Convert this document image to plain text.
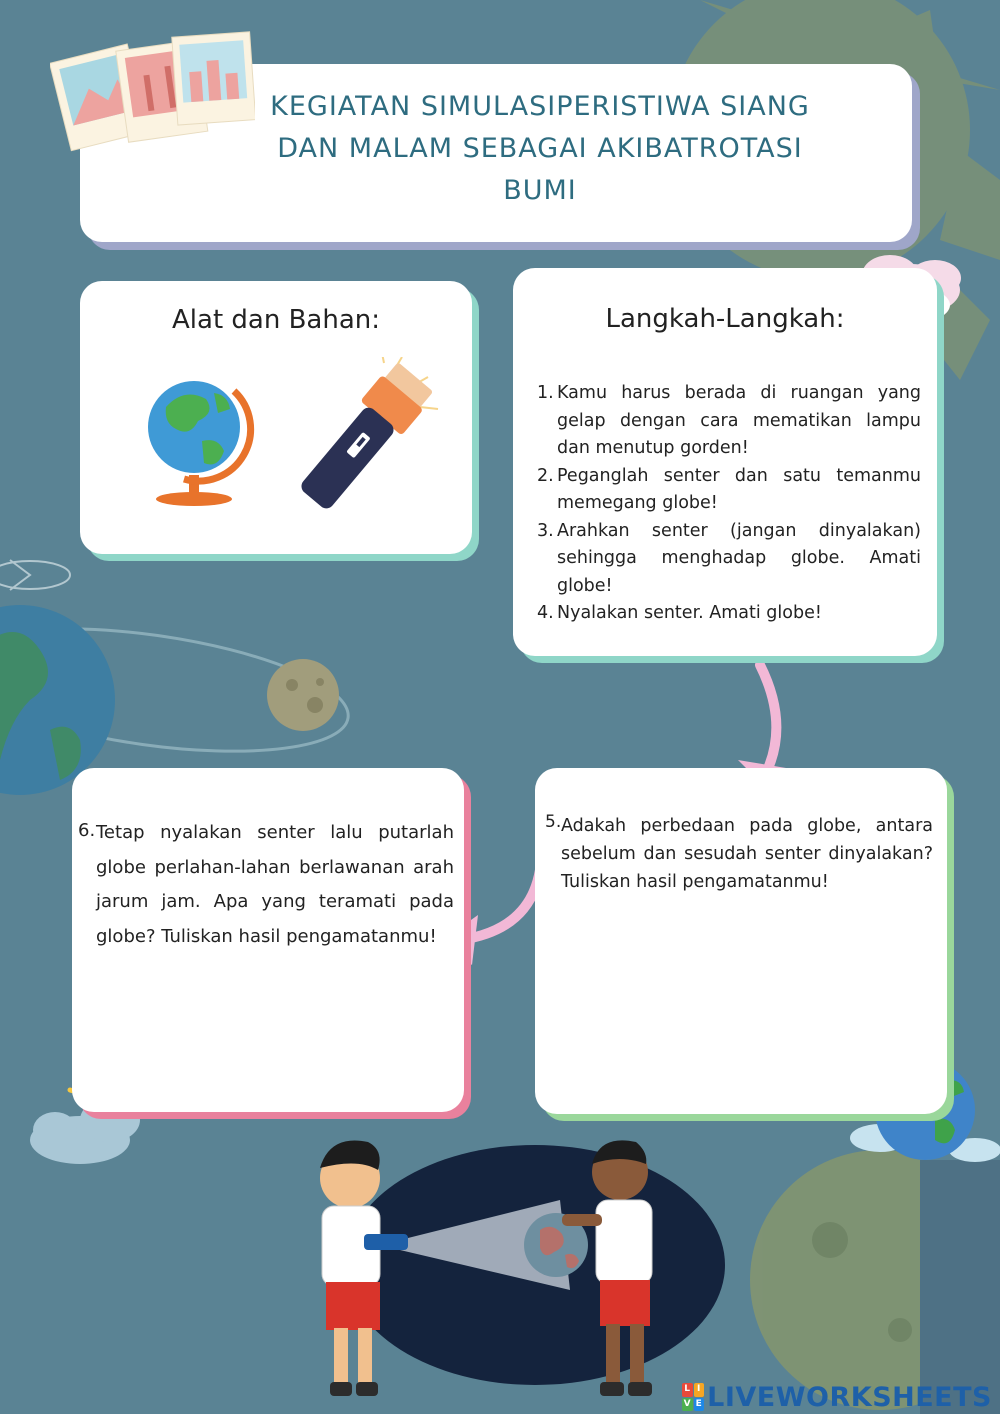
KEGIATAN SIMULASIPERISTIWA SIANG
DAN MALAM SEBAGAI AKIBATROTASI
BUMI
Alat dan Bahan:	Langkah-Langkah:
1. Kamu harus berada di ruangan yang gelap dengan cara mematikan lampu dan menutup gorden!
2. Peganglah senter dan satu temanmu memegang globe!
3. Arahkan senter (jangan dinyalakan) sehingga menghadap globe. Amati globe!
4. Nyalakan senter. Amati globe!
6. Tetap nyalakan senter lalu putarlah globe perlahan-lahan berlawanan arah jarum jam. Apa yang teramati pada globe? Tuliskan hasil pengamatanmu!
5. Adakah perbedaan pada globe, antara sebelum dan sesudah senter dinyalakan? Tuliskan hasil pengamatanmu!
L I
V E LIVEWORKSHEETS
